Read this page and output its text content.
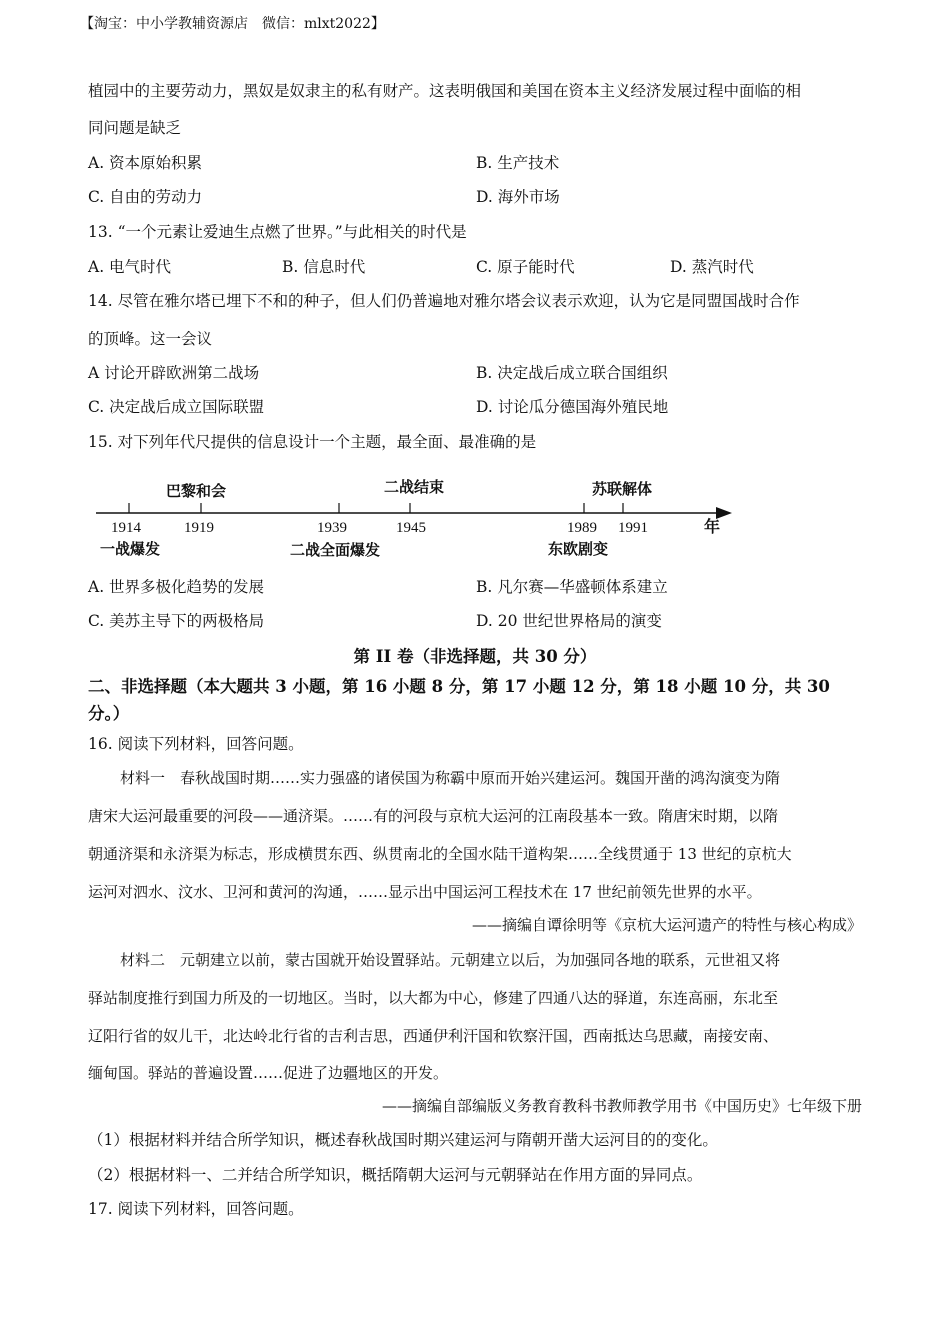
【淘宝：中小学教辅资源店　微信：mlxt2022】
植园中的主要劳动力，黑奴是奴隶主的私有财产。这表明俄国和美国在资本主义经济发展过程中面临的相
同问题是缺乏
A. 资本原始积累	B. 生产技术
C. 自由的劳动力	D. 海外市场
13. “一个元素让爱迪生点燃了世界。”与此相关的时代是
A. 电气时代	B. 信息时代	C. 原子能时代	D. 蒸汽时代
14. 尽管在雅尔塔已埋下不和的种子，但人们仍普遍地对雅尔塔会议表示欢迎，认为它是同盟国战时合作
的顶峰。这一会议
A 讨论开辟欧洲第二战场	B. 决定战后成立联合国组织
C. 决定战后成立国际联盟	D. 讨论瓜分德国海外殖民地
15. 对下列年代尺提供的信息设计一个主题，最全面、最准确的是
巴黎和会	二战结束	苏联解体
1914	1919	1939	1945	1989 1991	年
一战爆发	二战全面爆发	东欧剧变
A. 世界多极化趋势的发展	B. 凡尔赛—华盛顿体系建立
C. 美苏主导下的两极格局	D. 20 世纪世界格局的演变
第 II 卷（非选择题，共 30 分）
二、非选择题（本大题共 3 小题，第 16 小题 8 分，第 17 小题 12 分，第 18 小题 10 分，共 30
分。）
16. 阅读下列材料，回答问题。
材料一　春秋战国时期……实力强盛的诸侯国为称霸中原而开始兴建运河。魏国开凿的鸿沟演变为隋
唐宋大运河最重要的河段——通济渠。……有的河段与京杭大运河的江南段基本一致。隋唐宋时期，以隋
朝通济渠和永济渠为标志，形成横贯东西、纵贯南北的全国水陆干道构架……全线贯通于 13 世纪的京杭大
运河对泗水、汶水、卫河和黄河的沟通，……显示出中国运河工程技术在 17 世纪前领先世界的水平。
——摘编自谭徐明等《京杭大运河遗产的特性与核心构成》
材料二　元朝建立以前，蒙古国就开始设置驿站。元朝建立以后，为加强同各地的联系，元世祖又将
驿站制度推行到国力所及的一切地区。当时，以大都为中心，修建了四通八达的驿道，东连高丽，东北至
辽阳行省的奴儿干，北达岭北行省的吉利吉思，西通伊利汗国和钦察汗国，西南抵达乌思藏，南接安南、
缅甸国。驿站的普遍设置……促进了边疆地区的开发。
——摘编自部编版义务教育教科书教师教学用书《中国历史》七年级下册
（1）根据材料并结合所学知识，概述春秋战国时期兴建运河与隋朝开凿大运河目的的变化。
（2）根据材料一、二并结合所学知识，概括隋朝大运河与元朝驿站在作用方面的异同点。
17. 阅读下列材料，回答问题。
